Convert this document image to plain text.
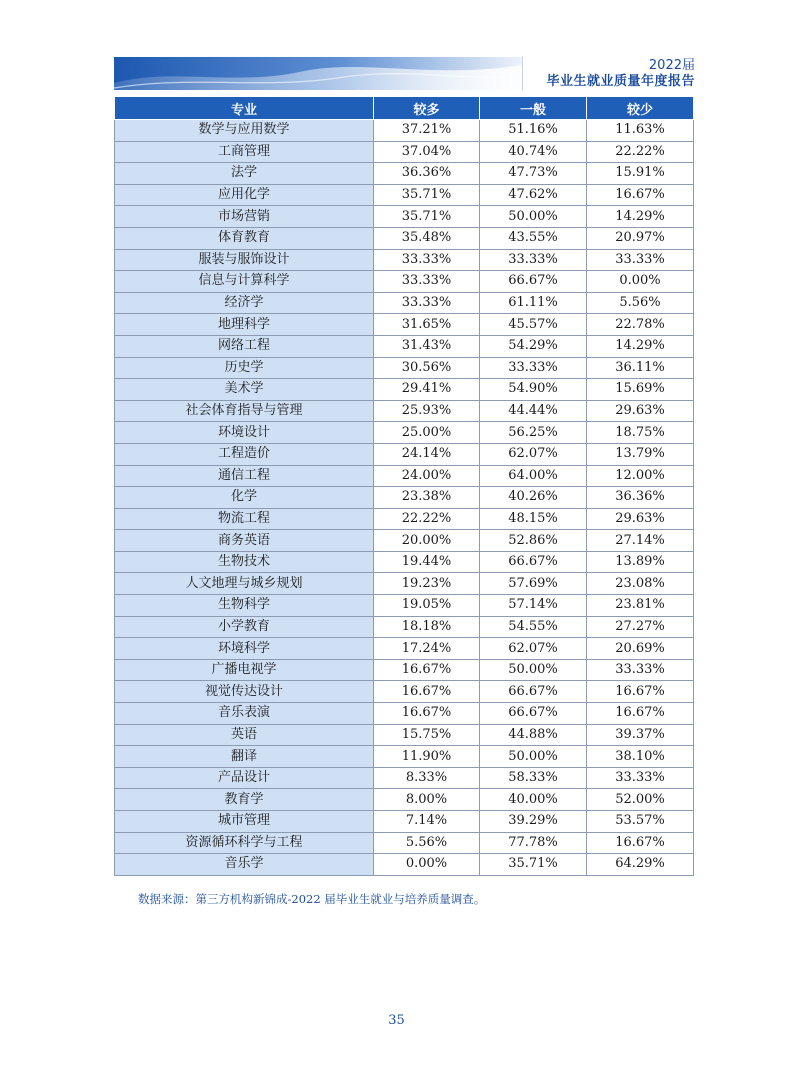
2022届
毕业生就业质量年度报告
专业	较多	一般	较少
数学与应用数学	37.21%	51.16%	11.63%
工商管理	37.04%	40.74%	22.22%
法学	36.36%	47.73%	15.91%
应用化学	35.71%	47.62%	16.67%
市场营销	35.71%	50.00%	14.29%
体育教育	35.48%	43.55%	20.97%
服装与服饰设计	33.33%	33.33%	33.33%
信息与计算科学	33.33%	66.67%	0.00%
经济学	33.33%	61.11%	5.56%
地理科学	31.65%	45.57%	22.78%
网络工程	31.43%	54.29%	14.29%
历史学	30.56%	33.33%	36.11%
美术学	29.41%	54.90%	15.69%
社会体育指导与管理	25.93%	44.44%	29.63%
环境设计	25.00%	56.25%	18.75%
工程造价	24.14%	62.07%	13.79%
通信工程	24.00%	64.00%	12.00%
化学	23.38%	40.26%	36.36%
物流工程	22.22%	48.15%	29.63%
商务英语	20.00%	52.86%	27.14%
生物技术	19.44%	66.67%	13.89%
人文地理与城乡规划	19.23%	57.69%	23.08%
生物科学	19.05%	57.14%	23.81%
小学教育	18.18%	54.55%	27.27%
环境科学	17.24%	62.07%	20.69%
广播电视学	16.67%	50.00%	33.33%
视觉传达设计	16.67%	66.67%	16.67%
音乐表演	16.67%	66.67%	16.67%
英语	15.75%	44.88%	39.37%
翻译	11.90%	50.00%	38.10%
产品设计	8.33%	58.33%	33.33%
教育学	8.00%	40.00%	52.00%
城市管理	7.14%	39.29%	53.57%
资源循环科学与工程	5.56%	77.78%	16.67%
音乐学	0.00%	35.71%	64.29%
数据来源：第三方机构新锦成-2022 届毕业生就业与培养质量调查。
35
